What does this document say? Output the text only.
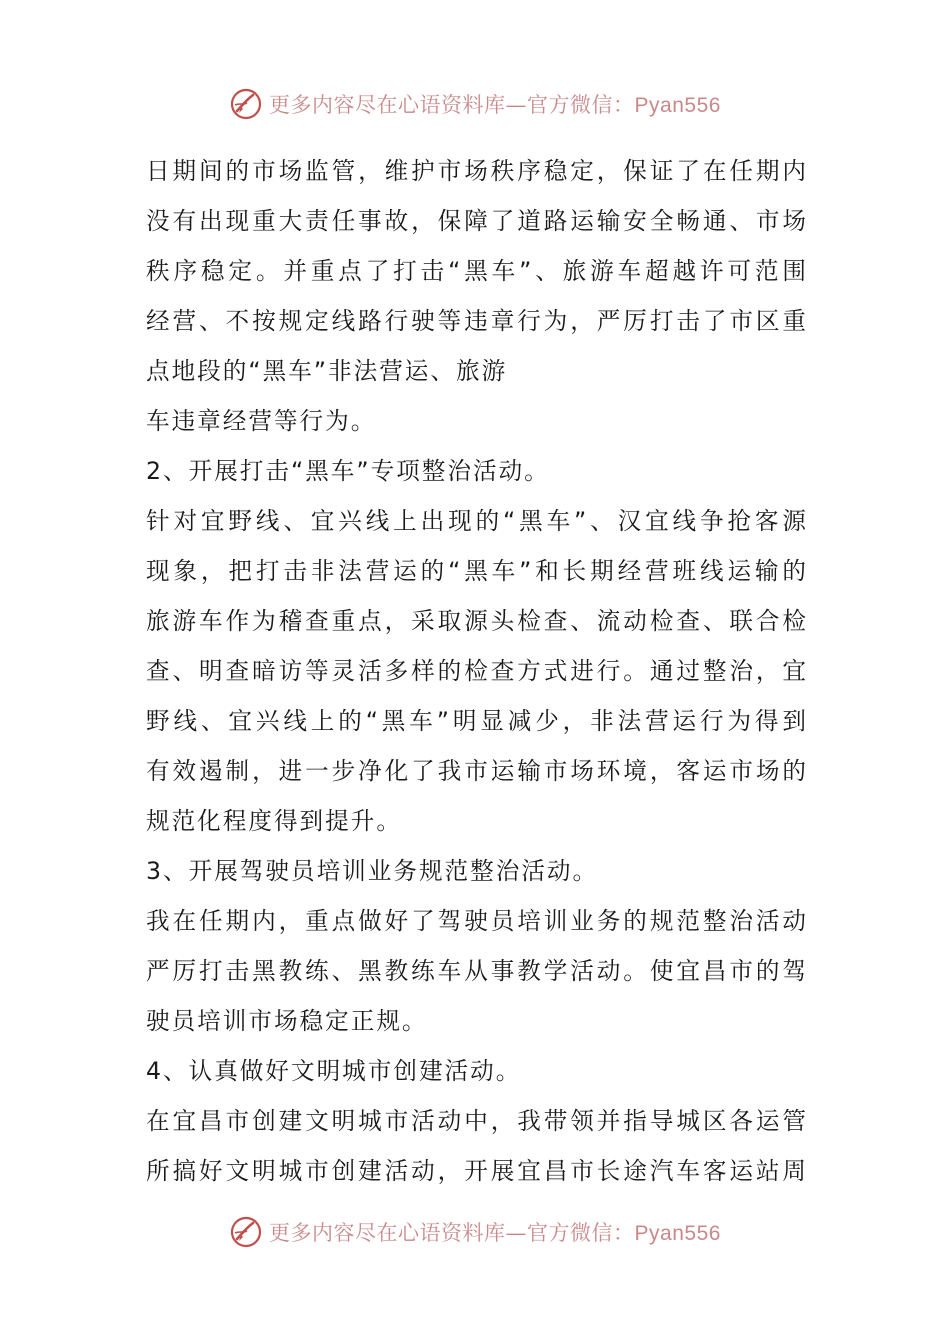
更多内容尽在心语资料库—官方微信：Pyan556
日期间的市场监管，维护市场秩序稳定，保证了在任期内
没有出现重大责任事故，保障了道路运输安全畅通、市场
秩序稳定。并重点了打击“黑车”、旅游车超越许可范围
经营、不按规定线路行驶等违章行为，严厉打击了市区重
点地段的“黑车”非法营运、旅游
车违章经营等行为。
2、开展打击“黑车”专项整治活动。
针对宜野线、宜兴线上出现的“黑车”、汉宜线争抢客源
现象，把打击非法营运的“黑车”和长期经营班线运输的
旅游车作为稽查重点，采取源头检查、流动检查、联合检
查、明查暗访等灵活多样的检查方式进行。通过整治，宜
野线、宜兴线上的“黑车”明显减少，非法营运行为得到
有效遏制，进一步净化了我市运输市场环境，客运市场的
规范化程度得到提升。
3、开展驾驶员培训业务规范整治活动。
我在任期内，重点做好了驾驶员培训业务的规范整治活动
严厉打击黑教练、黑教练车从事教学活动。使宜昌市的驾
驶员培训市场稳定正规。
4、认真做好文明城市创建活动。
在宜昌市创建文明城市活动中，我带领并指导城区各运管
所搞好文明城市创建活动，开展宜昌市长途汽车客运站周
更多内容尽在心语资料库—官方微信：Pyan556
